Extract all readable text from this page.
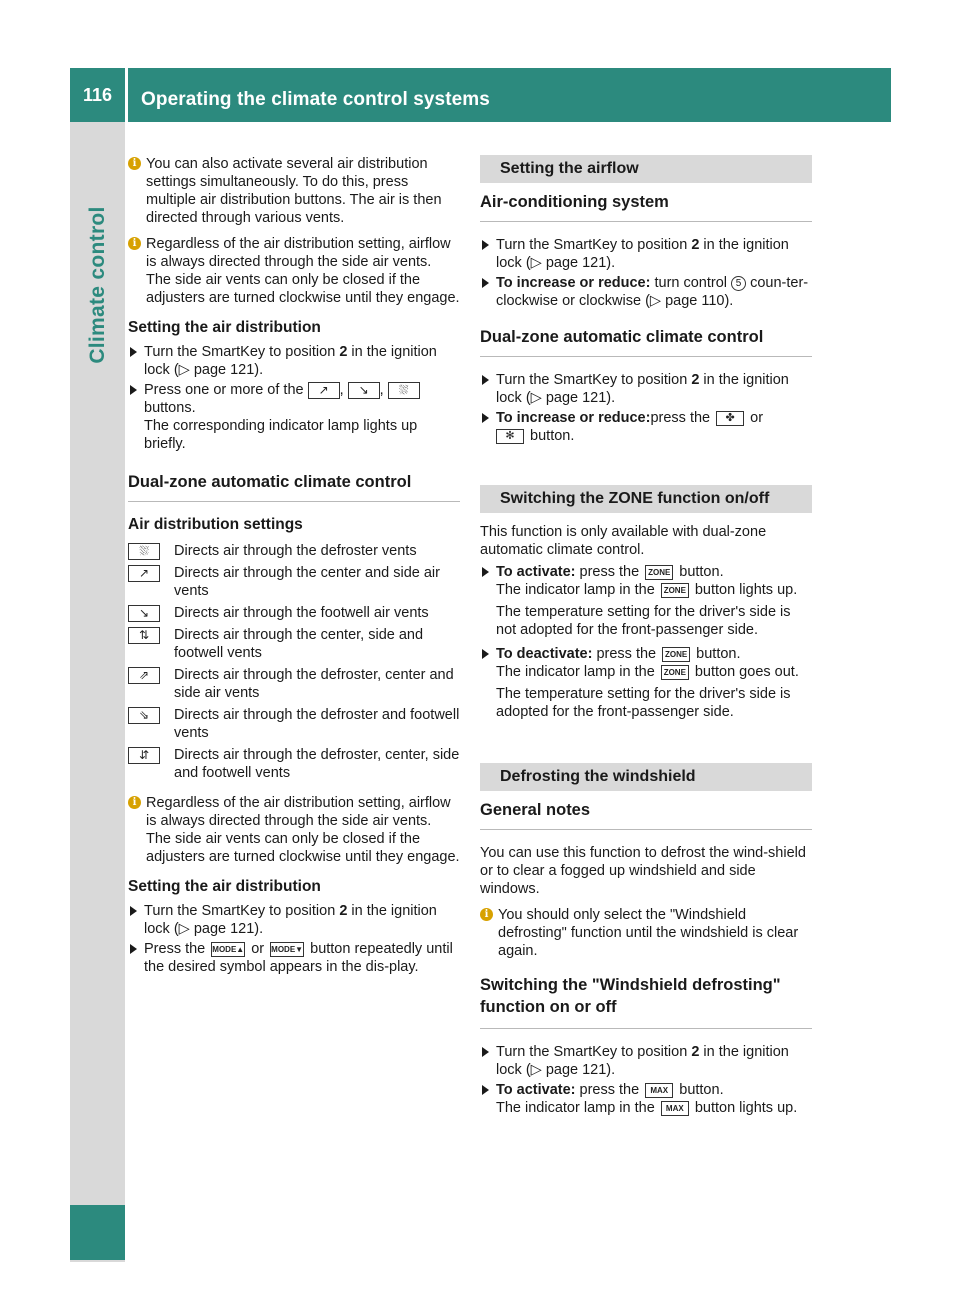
116	Operating the climate control systems
Climate control
i You can also activate several air distribution settings simultaneously. To do this, press multiple air distribution buttons. The air is then directed through various vents.

i Regardless of the air distribution setting, airflow is always directed through the side air vents. The side air vents can only be closed if the adjusters are turned clockwise until they engage.

Setting the air distribution
Turn the SmartKey to position 2 in the ignition lock (▷ page 121).
Press one or more of the ↗ , ↘ , ⛆
buttons.
The corresponding indicator lamp lights up briefly.
Dual-zone automatic climate control
Air distribution settings
⛆	Directs air through the defroster vents
↗	Directs air through the center and side air vents
↘	Directs air through the footwell air vents
⇅	Directs air through the center, side and footwell vents
⇗	Directs air through the defroster, center and side air vents
⇘	Directs air through the defroster and footwell vents
⇵	Directs air through the defroster, center, side and footwell vents
i Regardless of the air distribution setting, airflow is always directed through the side air vents. The side air vents can only be closed if the adjusters are turned clockwise until they engage.

Setting the air distribution
Turn the SmartKey to position 2 in the ignition lock (▷ page 121).
Press the MODE▲ or MODE▼ button repeatedly until the desired symbol appears in the dis-play.
Setting the airflow
Air-conditioning system
Turn the SmartKey to position 2 in the ignition lock (▷ page 121).
To increase or reduce: turn control 5 coun-ter-clockwise or clockwise (▷ page 110).
Dual-zone automatic climate control
Turn the SmartKey to position 2 in the ignition lock (▷ page 121).
To increase or reduce:press the ✤ or
✻ button.
Switching the ZONE function on/off

This function is only available with dual-zone automatic climate control.

To activate: press the ZONE button.
The indicator lamp in the ZONE button lights up.

The temperature setting for the driver's side is not adopted for the front-passenger side.

To deactivate: press the ZONE button.
The indicator lamp in the ZONE button goes out.

The temperature setting for the driver's side is adopted for the front-passenger side.

Defrosting the windshield
General notes

You can use this function to defrost the wind-shield or to clear a fogged up windshield and side windows.

i You should only select the "Windshield defrosting" function until the windshield is clear again.

Switching the "Windshield defrosting" function on or off
Turn the SmartKey to position 2 in the ignition lock (▷ page 121).
To activate: press the MAX button.
The indicator lamp in the MAX button lights up.
